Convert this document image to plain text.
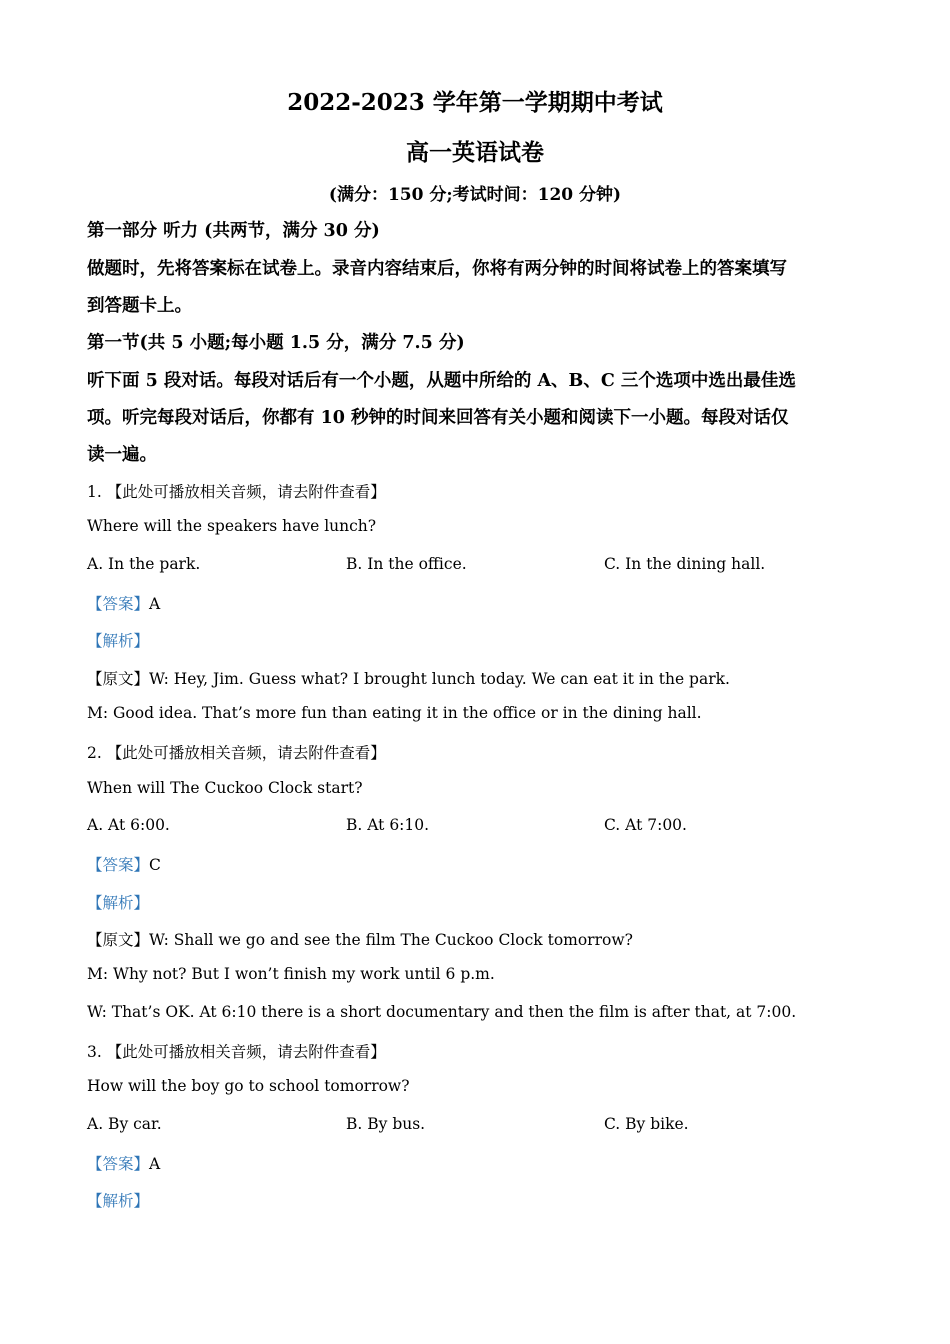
2022-2023 学年第一学期期中考试
高一英语试卷
(满分：150 分;考试时间：120 分钟)
第一部分 听力 (共两节，满分 30 分)
做题时，先将答案标在试卷上。录音内容结束后，你将有两分钟的时间将试卷上的答案填写
到答题卡上。
第一节(共 5 小题;每小题 1.5 分，满分 7.5 分)
听下面 5 段对话。每段对话后有一个小题，从题中所给的 A、B、C 三个选项中选出最佳选
项。听完每段对话后，你都有 10 秒钟的时间来回答有关小题和阅读下一小题。每段对话仅
读一遍。
1. 【此处可播放相关音频，请去附件查看】
Where will the speakers have lunch?
A. In the park.	B. In the office.	C. In the dining hall.
【答案】A
【解析】
【原文】W: Hey, Jim. Guess what? I brought lunch today. We can eat it in the park.
M: Good idea. That’s more fun than eating it in the office or in the dining hall.
2. 【此处可播放相关音频，请去附件查看】
When will The Cuckoo Clock start?
A. At 6:00.	B. At 6:10.	C. At 7:00.
【答案】C
【解析】
【原文】W: Shall we go and see the film The Cuckoo Clock tomorrow?
M: Why not? But I won’t finish my work until 6 p.m.
W: That’s OK. At 6:10 there is a short documentary and then the film is after that, at 7:00.
3. 【此处可播放相关音频，请去附件查看】
How will the boy go to school tomorrow?
A. By car.	B. By bus.	C. By bike.
【答案】A
【解析】
